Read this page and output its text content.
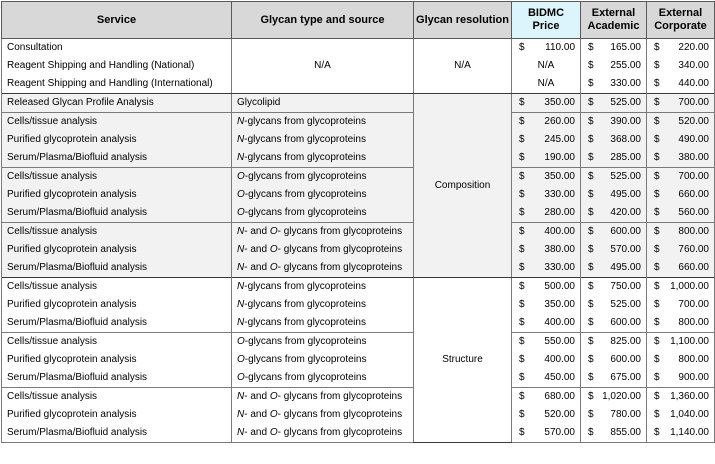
Service	Glycan type and source	Glycan resolution	BIDMC Price	External Academic	External Corporate
Consultation	N/A	N/A	$ 110.00	$ 165.00	$ 220.00

Reagent Shipping and Handling (National)			N/A	$ 255.00	$ 340.00

Reagent Shipping and Handling (International)			N/A	$ 330.00	$ 440.00

Released Glycan Profile Analysis	Glycolipid	Composition	$ 350.00	$ 525.00	$ 700.00

Cells/tissue analysis	N-glycans from glycoproteins		$ 260.00	$ 390.00	$ 520.00

Purified glycoprotein analysis	N-glycans from glycoproteins		$ 245.00	$ 368.00	$ 490.00

Serum/Plasma/Biofluid analysis	N-glycans from glycoproteins		$ 190.00	$ 285.00	$ 380.00

Cells/tissue analysis	O-glycans from glycoproteins		$ 350.00	$ 525.00	$ 700.00

Purified glycoprotein analysis	O-glycans from glycoproteins		$ 330.00	$ 495.00	$ 660.00

Serum/Plasma/Biofluid analysis	O-glycans from glycoproteins		$ 280.00	$ 420.00	$ 560.00

Cells/tissue analysis	N- and O- glycans from glycoproteins		$ 400.00	$ 600.00	$ 800.00

Purified glycoprotein analysis	N- and O- glycans from glycoproteins		$ 380.00	$ 570.00	$ 760.00

Serum/Plasma/Biofluid analysis	N- and O- glycans from glycoproteins		$ 330.00	$ 495.00	$ 660.00

Cells/tissue analysis	N-glycans from glycoproteins	Structure	$ 500.00	$ 750.00	$ 1,000.00

Purified glycoprotein analysis	N-glycans from glycoproteins		$ 350.00	$ 525.00	$ 700.00

Serum/Plasma/Biofluid analysis	N-glycans from glycoproteins		$ 400.00	$ 600.00	$ 800.00

Cells/tissue analysis	O-glycans from glycoproteins		$ 550.00	$ 825.00	$ 1,100.00

Purified glycoprotein analysis	O-glycans from glycoproteins		$ 400.00	$ 600.00	$ 800.00

Serum/Plasma/Biofluid analysis	O-glycans from glycoproteins		$ 450.00	$ 675.00	$ 900.00

Cells/tissue analysis	N- and O- glycans from glycoproteins		$ 680.00	$ 1,020.00	$ 1,360.00

Purified glycoprotein analysis	N- and O- glycans from glycoproteins		$ 520.00	$ 780.00	$ 1,040.00

Serum/Plasma/Biofluid analysis	N- and O- glycans from glycoproteins		$ 570.00	$ 855.00	$ 1,140.00
